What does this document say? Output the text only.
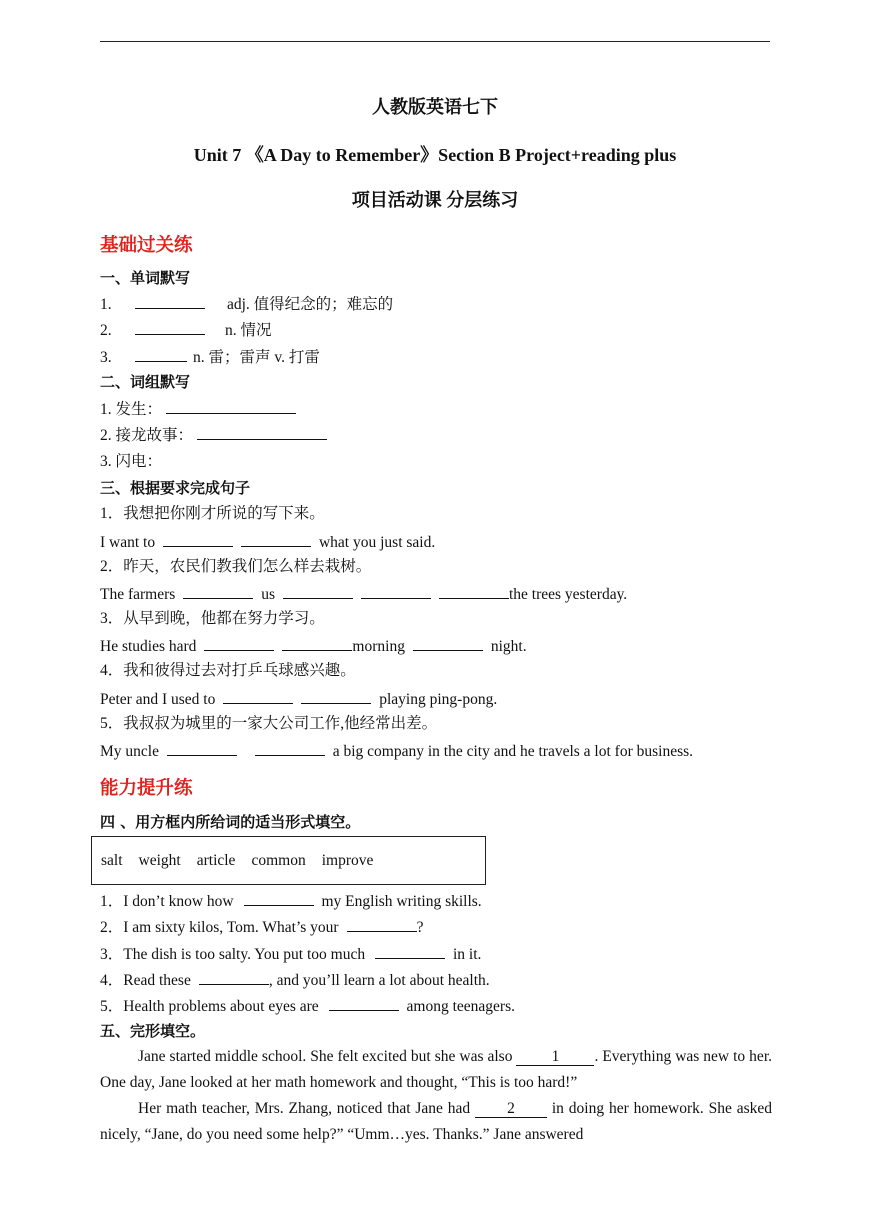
人教版英语七下
Unit 7 《A Day to Remember》Section B Project+reading plus
项目活动课 分层练习
基础过关练
一、单词默写
1.	adj. 值得纪念的；难忘的
2.	n. 情况
3.	n. 雷；雷声 v. 打雷
二、词组默写
1. 发生：
2. 接龙故事：
3. 闪电：
三、根据要求完成句子
1．我想把你刚才所说的写下来。
I want to	what you just said.
2．昨天，农民们教我们怎么样去栽树。
The farmers	us	the trees yesterday.
3．从早到晚，他都在努力学习。
He studies hard	morning	night.
4．我和彼得过去对打乒乓球感兴趣。
Peter and I used to	playing ping-pong.
5．我叔叔为城里的一家大公司工作,他经常出差。
My uncle	a big company in the city and he travels a lot for business.
能力提升练
四 、用方框内所给词的适当形式填空。
salt weight article common improve
1．I don’t know how	my English writing skills.
2．I am sixty kilos, Tom. What’s your	?
3．The dish is too salty. You put too much	in it.
4．Read these	, and you’ll learn a lot about health.
5．Health problems about eyes are	among teenagers.
五、完形填空。
Jane started middle school. She felt excited but she was also	1 . Everything was new to her. One day, Jane looked at her math homework and thought, “This is too hard!”
Her math teacher, Mrs. Zhang, noticed that Jane had 2 in doing her homework. She asked nicely, “Jane, do you need some help?” “Umm…yes. Thanks.” Jane answered
